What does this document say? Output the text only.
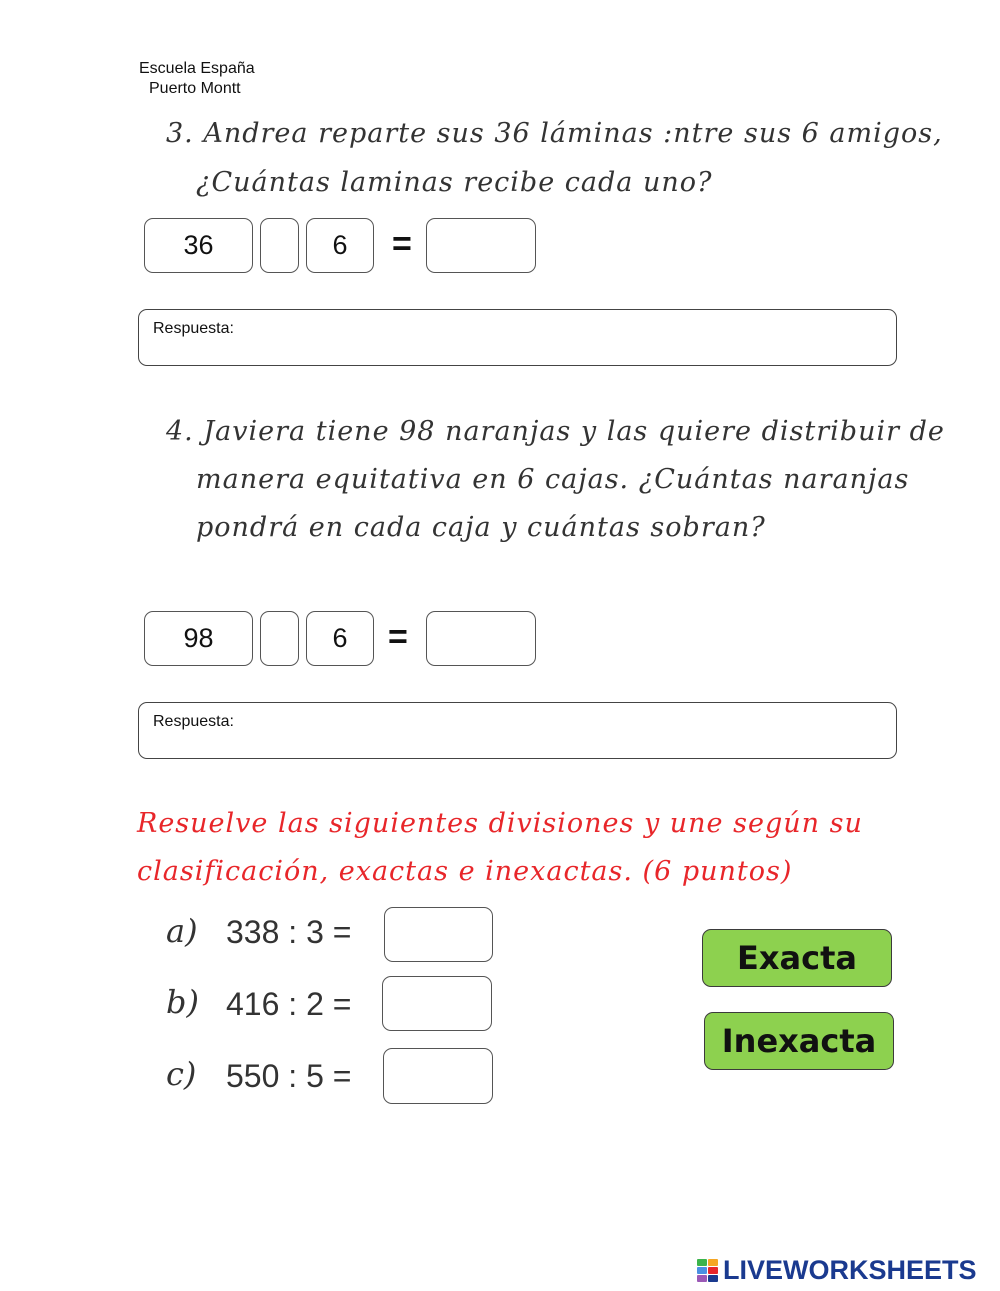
Escuela España
Puerto Montt
3. Andrea reparte sus 36 láminas :ntre sus 6 amigos,
¿Cuántas laminas recibe cada uno?
36	6	=
Respuesta:
4. Javiera tiene 98 naranjas y las quiere distribuir de
manera equitativa en 6 cajas. ¿Cuántas naranjas
pondrá en cada caja y cuántas sobran?
98	6	=
Respuesta:
Resuelve las siguientes divisiones y une según su
clasificación, exactas e inexactas. (6 puntos)
a) 338 : 3 =
b) 416 : 2 =
c) 550 : 5 =
Exacta
Inexacta
LIVEWORKSHEETS
